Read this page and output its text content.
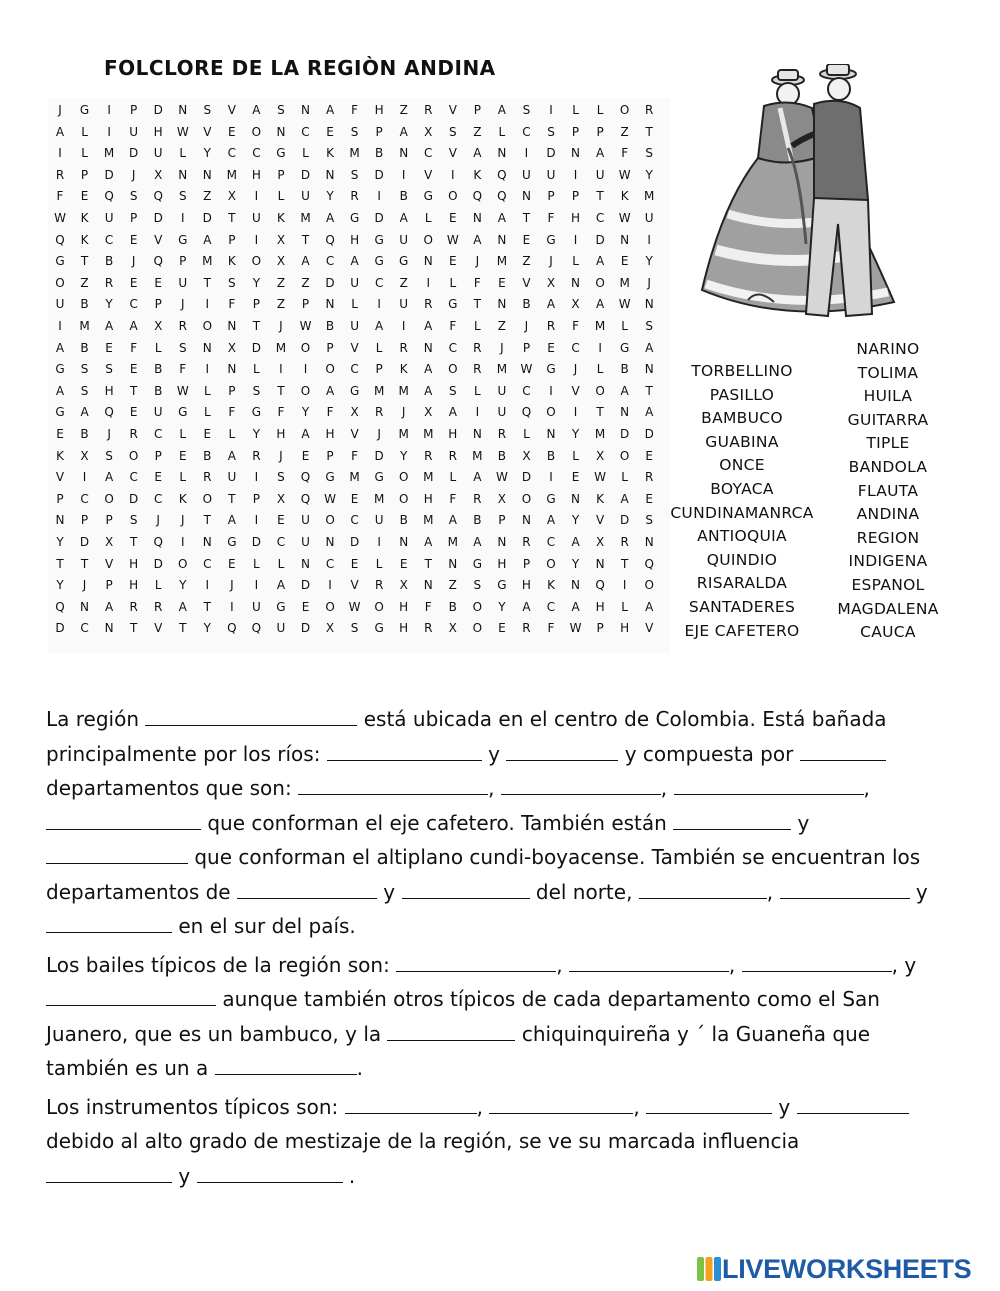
FOLCLORE DE LA REGIÒN ANDINA
J	G	I	P	D	N	S	V	A	S	N	A	F	H	Z	R	V	P	A	S	I	L	L	O	R
A	L	I	U	H	W	V	E	O	N	C	E	S	P	A	X	S	Z	L	C	S	P	P	Z	T
I	L	M	D	U	L	Y	C	C	G	L	K	M	B	N	C	V	A	N	I	D	N	A	F	S
R	P	D	J	X	N	N	M	H	P	D	N	S	D	I	V	I	K	Q	U	U	I	U	W	Y
F	E	Q	S	Q	S	Z	X	I	L	U	Y	R	I	B	G	O	Q	Q	N	P	P	T	K	M
W	K	U	P	D	I	D	T	U	K	M	A	G	D	A	L	E	N	A	T	F	H	C	W	U
Q	K	C	E	V	G	A	P	I	X	T	Q	H	G	U	O	W	A	N	E	G	I	D	N	I
G	T	B	J	Q	P	M	K	O	X	A	C	A	G	G	N	E	J	M	Z	J	L	A	E	Y
O	Z	R	E	E	U	T	S	Y	Z	Z	D	U	C	Z	I	L	F	E	V	X	N	O	M	J
U	B	Y	C	P	J	I	F	P	Z	P	N	L	I	U	R	G	T	N	B	A	X	A	W	N
I	M	A	A	X	R	O	N	T	J	W	B	U	A	I	A	F	L	Z	J	R	F	M	L	S
A	B	E	F	L	S	N	X	D	M	O	P	V	L	R	N	C	R	J	P	E	C	I	G	A
G	S	S	E	B	F	I	N	L	I	I	O	C	P	K	A	O	R	M	W	G	J	L	B	N
A	S	H	T	B	W	L	P	S	T	O	A	G	M	M	A	S	L	U	C	I	V	O	A	T
G	A	Q	E	U	G	L	F	G	F	Y	F	X	R	J	X	A	I	U	Q	O	I	T	N	A
E	B	J	R	C	L	E	L	Y	H	A	H	V	J	M	M	H	N	R	L	N	Y	M	D	D
K	X	S	O	P	E	B	A	R	J	E	P	F	D	Y	R	R	M	B	X	B	L	X	O	E
V	I	A	C	E	L	R	U	I	S	Q	G	M	G	O	M	L	A	W	D	I	E	W	L	R
P	C	O	D	C	K	O	T	P	X	Q	W	E	M	O	H	F	R	X	O	G	N	K	A	E
N	P	P	S	J	J	T	A	I	E	U	O	C	U	B	M	A	B	P	N	A	Y	V	D	S
Y	D	X	T	Q	I	N	G	D	C	U	N	D	I	N	A	M	A	N	R	C	A	X	R	N
T	T	V	H	D	O	C	E	L	L	N	C	E	L	E	T	N	G	H	P	O	Y	N	T	Q
Y	J	P	H	L	Y	I	J	I	A	D	I	V	R	X	N	Z	S	G	H	K	N	Q	I	O
Q	N	A	R	R	A	T	I	U	G	E	O	W	O	H	F	B	O	Y	A	C	A	H	L	A
D	C	N	T	V	T	Y	Q	Q	U	D	X	S	G	H	R	X	O	E	R	F	W	P	H	V
TORBELLINO
PASILLO
BAMBUCO
GUABINA
ONCE
BOYACA
CUNDINAMANRCA
ANTIOQUIA
QUINDIO
RISARALDA
SANTADERES
EJE CAFETERO
NARINO
TOLIMA
HUILA
GUITARRA
TIPLE
BANDOLA
FLAUTA
ANDINA
REGION
INDIGENA
ESPANOL
MAGDALENA
CAUCA
La región	está ubicada en el centro de Colombia. Está bañada
principalmente por los ríos:	y	y compuesta por
departamentos que son:	,	,	,
que conforman el eje cafetero. También están	y
que conforman el altiplano cundi-boyacense. También se encuentran los
departamentos de	y	del norte,	,	y
en el sur del país.
Los bailes típicos de la región son:	,	,	, y
aunque también otros típicos de cada departamento como el San
Juanero, que es un bambuco, y la	chiquinquireña y ´ la Guaneña que
también es un a	.
Los instrumentos típicos son:	,	,	y
debido al alto grado de mestizaje de la región, se ve su marcada influencia
y	.
LIVEWORKSHEETS
